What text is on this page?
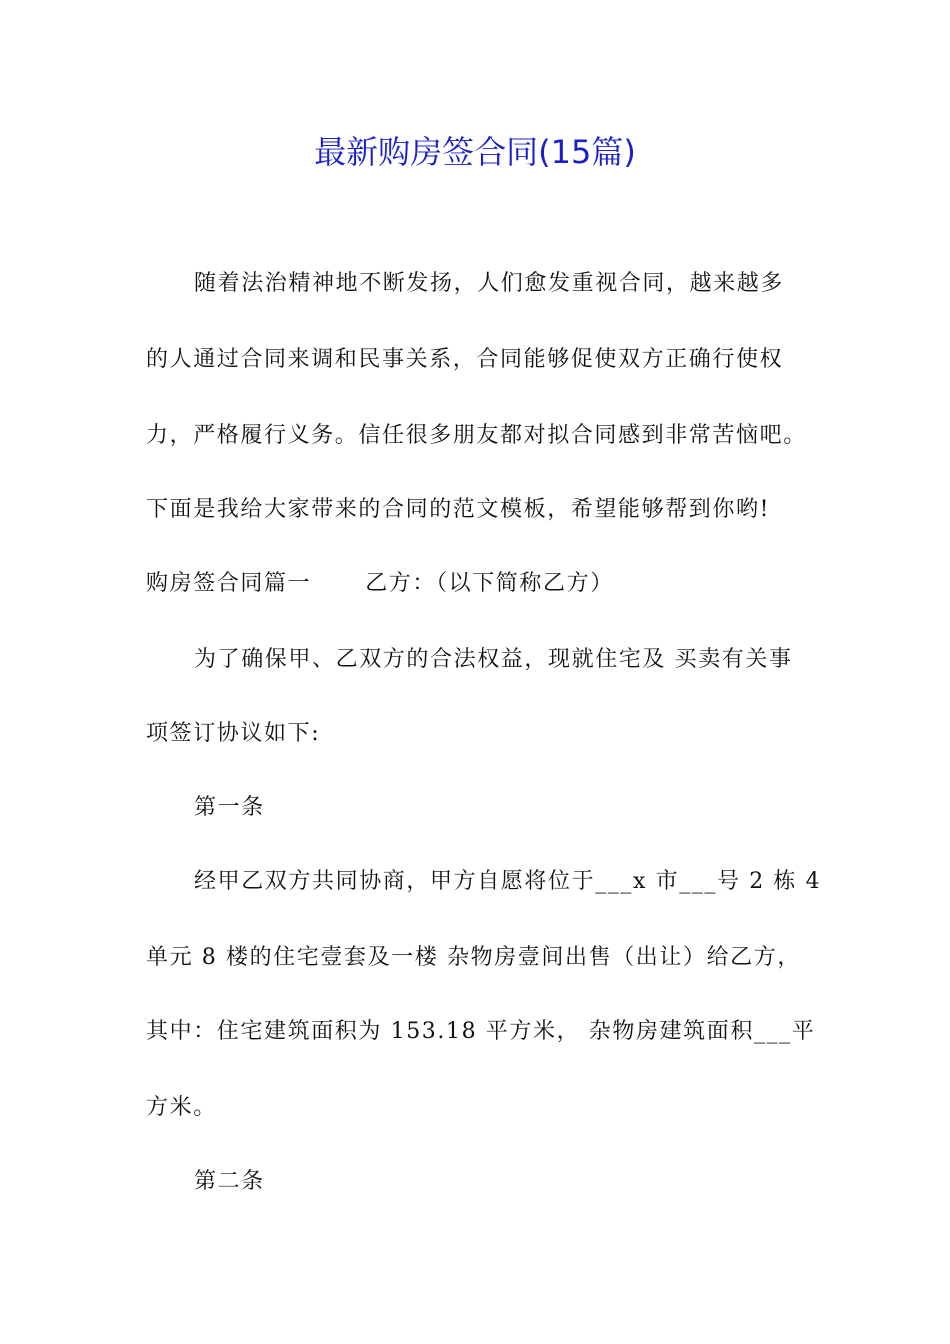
最新购房签合同(15篇)

随着法治精神地不断发扬，人们愈发重视合同，越来越多

的人通过合同来调和民事关系，合同能够促使双方正确行使权

力，严格履行义务。信任很多朋友都对拟合同感到非常苦恼吧。

下面是我给大家带来的合同的范文模板，希望能够帮到你哟!

购房签合同篇一 乙方：（以下简称乙方）

为了确保甲、乙双方的合法权益，现就住宅及 买卖有关事

项签订协议如下:

第一条

经甲乙双方共同协商，甲方自愿将位于___x 市___号 2 栋 4

单元 8 楼的住宅壹套及一楼 杂物房壹间出售（出让）给乙方，

其中：住宅建筑面积为 153.18 平方米， 杂物房建筑面积___平

方米。

第二条
